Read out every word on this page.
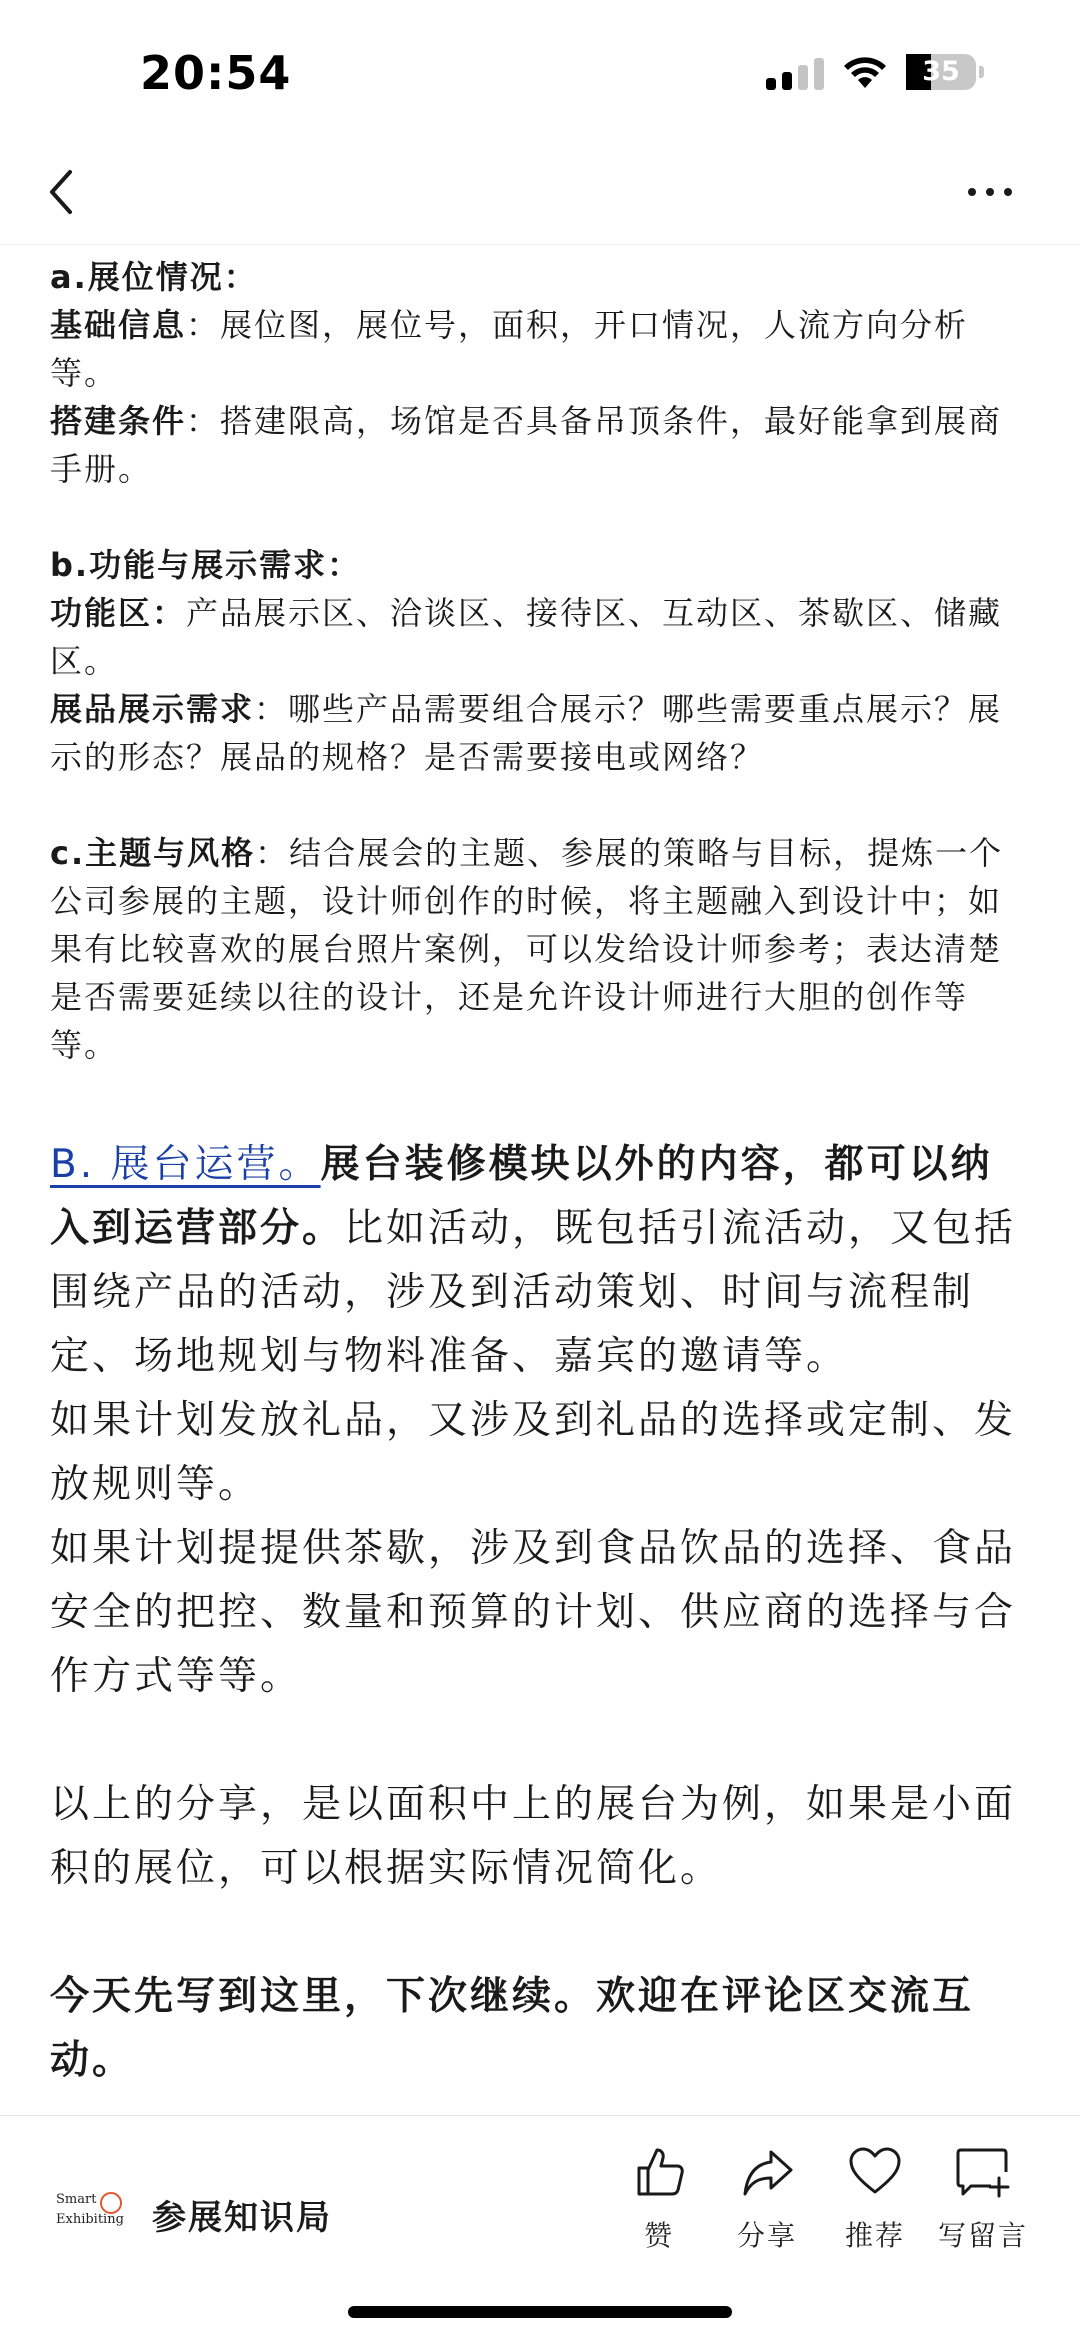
20:54	35

a.展位情况：

基础信息：展位图，展位号，面积，开口情况，人流方向分析等。

搭建条件：搭建限高，场馆是否具备吊顶条件，最好能拿到展商手册。

b.功能与展示需求：

功能区：产品展示区、洽谈区、接待区、互动区、茶歇区、储藏区。

展品展示需求：哪些产品需要组合展示？哪些需要重点展示？展示的形态？展品的规格？是否需要接电或网络？

c.主题与风格：结合展会的主题、参展的策略与目标，提炼一个公司参展的主题，设计师创作的时候，将主题融入到设计中；如果有比较喜欢的展台照片案例，可以发给设计师参考；表达清楚是否需要延续以往的设计，还是允许设计师进行大胆的创作等等。

B. 展台运营。展台装修模块以外的内容，都可以纳入到运营部分。比如活动，既包括引流活动，又包括围绕产品的活动，涉及到活动策划、时间与流程制定、场地规划与物料准备、嘉宾的邀请等。

如果计划发放礼品，又涉及到礼品的选择或定制、发放规则等。

如果计划提提供茶歇，涉及到食品饮品的选择、食品安全的把控、数量和预算的计划、供应商的选择与合作方式等等。

以上的分享，是以面积中上的展台为例，如果是小面积的展位，可以根据实际情况简化。

今天先写到这里，下次继续。欢迎在评论区交流互动。

Smart
Exhibiting 参展知识局	赞	分享	推荐	写留言
